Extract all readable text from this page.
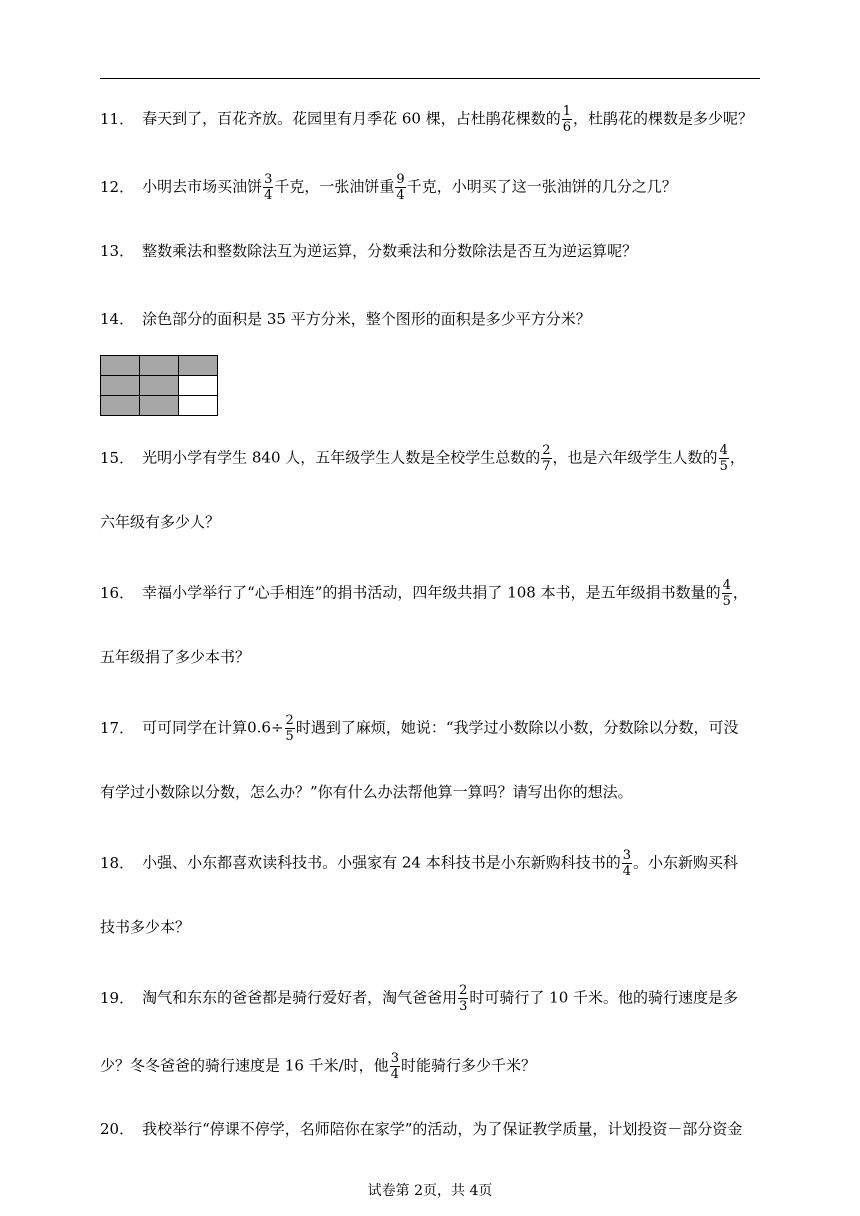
11． 春天到了，百花齐放。花园里有月季花 60 棵，占杜鹃花棵数的 $\frac{1}{6}$ ，杜鹃花的棵数是多少呢？
12． 小明去市场买油饼 $\frac{3}{4}$ 千克，一张油饼重 $\frac{9}{4}$ 千克，小明买了这一张油饼的几分之几？
13． 整数乘法和整数除法互为逆运算，分数乘法和分数除法是否互为逆运算呢？
14． 涂色部分的面积是 35 平方分米，整个图形的面积是多少平方分米？
15． 光明小学有学生 840 人，五年级学生人数是全校学生总数的 $\frac{2}{7}$ ，也是六年级学生人数的 $\frac{4}{5}$ ，
六年级有多少人？
16． 幸福小学举行了“心手相连”的捐书活动，四年级共捐了 108 本书，是五年级捐书数量的 $\frac{4}{5}$ ，
五年级捐了多少本书？
17． 可可同学在计算$0.6\div \frac{2}{5}$ 时遇到了麻烦，她说：“我学过小数除以小数，分数除以分数，可没
有学过小数除以分数，怎么办？”你有什么办法帮他算一算吗？请写出你的想法。
18． 小强、小东都喜欢读科技书。小强家有 24 本科技书是小东新购科技书的 $\frac{3}{4}$ 。小东新购买科
技书多少本？
19． 淘气和东东的爸爸都是骑行爱好者，淘气爸爸用 $\frac{2}{3}$ 时可骑行了 10 千米。他的骑行速度是多
少？冬冬爸爸的骑行速度是 16 千米/时，他 $\frac{3}{4}$ 时能骑行多少千米？
20． 我校举行“停课不停学，名师陪你在家学”的活动，为了保证教学质量，计划投资－部分资金
试卷第 2页，共 4页
